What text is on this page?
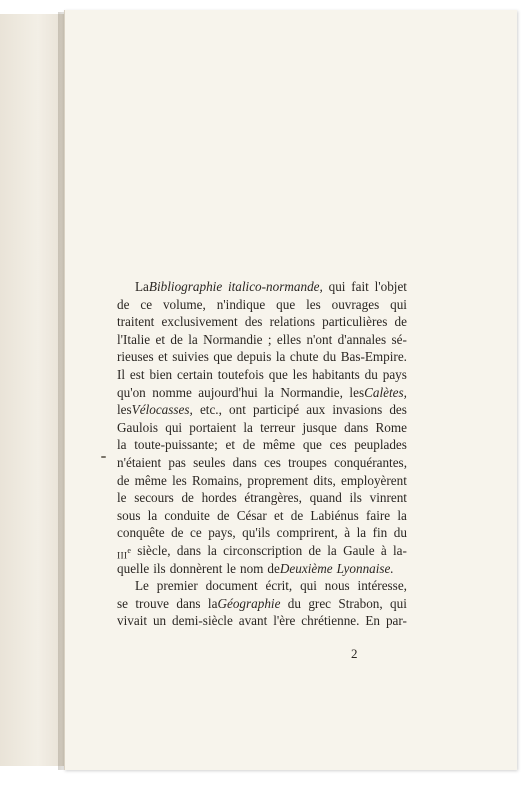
LaBibliographie italico-normande, qui fait l'objet
de ce volume, n'indique que les ouvrages qui
traitent exclusivement des relations particulières de
l'Italie et de la Normandie ; elles n'ont d'annales sé-
rieuses et suivies que depuis la chute du Bas-Empire.
Il est bien certain toutefois que les habitants du pays
qu'on nomme aujourd'hui la Normandie, lesCalètes,
lesVélocasses, etc., ont participé aux invasions des
Gaulois qui portaient la terreur jusque dans Rome
la toute-puissante; et de même que ces peuplades
n'étaient pas seules dans ces troupes conquérantes,
de même les Romains, proprement dits, employèrent
le secours de hordes étrangères, quand ils vinrent
sous la conduite de César et de Labiénus faire la
conquête de ce pays, qu'ils comprirent, à la fin du
IIIe siècle, dans la circonscription de la Gaule à la-
quelle ils donnèrent le nom deDeuxième Lyonnaise.
Le premier document écrit, qui nous intéresse,
se trouve dans laGéographie du grec Strabon, qui
vivait un demi-siècle avant l'ère chrétienne. En par-
2
